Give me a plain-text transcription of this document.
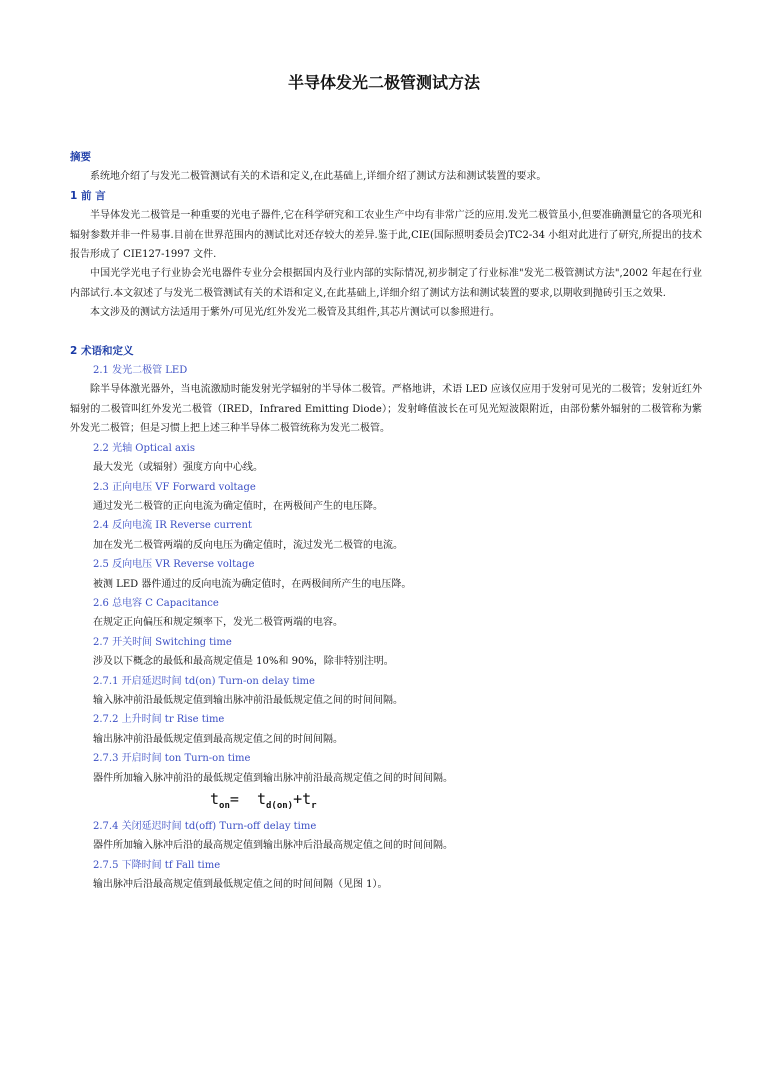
半导体发光二极管测试方法
摘要

系统地介绍了与发光二极管测试有关的术语和定义,在此基础上,详细介绍了测试方法和测试装置的要求。

1 前 言

半导体发光二极管是一种重要的光电子器件,它在科学研究和工农业生产中均有非常广泛的应用.发光二极管虽小,但要准确测量它的各项光和辐射参数并非一件易事.目前在世界范围内的测试比对还存较大的差异.鉴于此,CIE(国际照明委员会)TC2-34 小组对此进行了研究,所提出的技术报告形成了 CIE127-1997 文件.

中国光学光电子行业协会光电器件专业分会根据国内及行业内部的实际情况,初步制定了行业标准"发光二极管测试方法",2002 年起在行业内部试行.本文叙述了与发光二极管测试有关的术语和定义,在此基础上,详细介绍了测试方法和测试装置的要求,以期收到抛砖引玉之效果.

本文涉及的测试方法适用于紫外/可见光/红外发光二极管及其组件,其芯片测试可以参照进行。

2 术语和定义

2.1 发光二极管 LED

除半导体激光器外，当电流激励时能发射光学辐射的半导体二极管。严格地讲，术语 LED 应该仅应用于发射可见光的二极管；发射近红外辐射的二极管叫红外发光二极管（IRED，Infrared Emitting Diode）；发射峰值波长在可见光短波限附近，由部份紫外辐射的二极管称为紫外发光二极管；但是习惯上把上述三种半导体二极管统称为发光二极管。

2.2 光轴 Optical axis

最大发光（或辐射）强度方向中心线。

2.3 正向电压 VF Forward voltage

通过发光二极管的正向电流为确定值时，在两极间产生的电压降。

2.4 反向电流 IR Reverse current

加在发光二极管两端的反向电压为确定值时，流过发光二极管的电流。

2.5 反向电压 VR Reverse voltage

被测 LED 器件通过的反向电流为确定值时，在两极间所产生的电压降。

2.6 总电容 C Capacitance

在规定正向偏压和规定频率下，发光二极管两端的电容。

2.7 开关时间 Switching time

涉及以下概念的最低和最高规定值是 10%和 90%，除非特别注明。

2.7.1 开启延迟时间 td(on) Turn-on delay time

输入脉冲前沿最低规定值到输出脉冲前沿最低规定值之间的时间间隔。

2.7.2 上升时间 tr Rise time

输出脉冲前沿最低规定值到最高规定值之间的时间间隔。

2.7.3 开启时间 ton Turn-on time

器件所加输入脉冲前沿的最低规定值到输出脉冲前沿最高规定值之间的时间间隔。

$t_{on}= t_{d(on)}+t_r$

2.7.4 关闭延迟时间 td(off) Turn-off delay time

器件所加输入脉冲后沿的最高规定值到输出脉冲后沿最高规定值之间的时间间隔。

2.7.5 下降时间 tf Fall time

输出脉冲后沿最高规定值到最低规定值之间的时间间隔（见图 1）。
